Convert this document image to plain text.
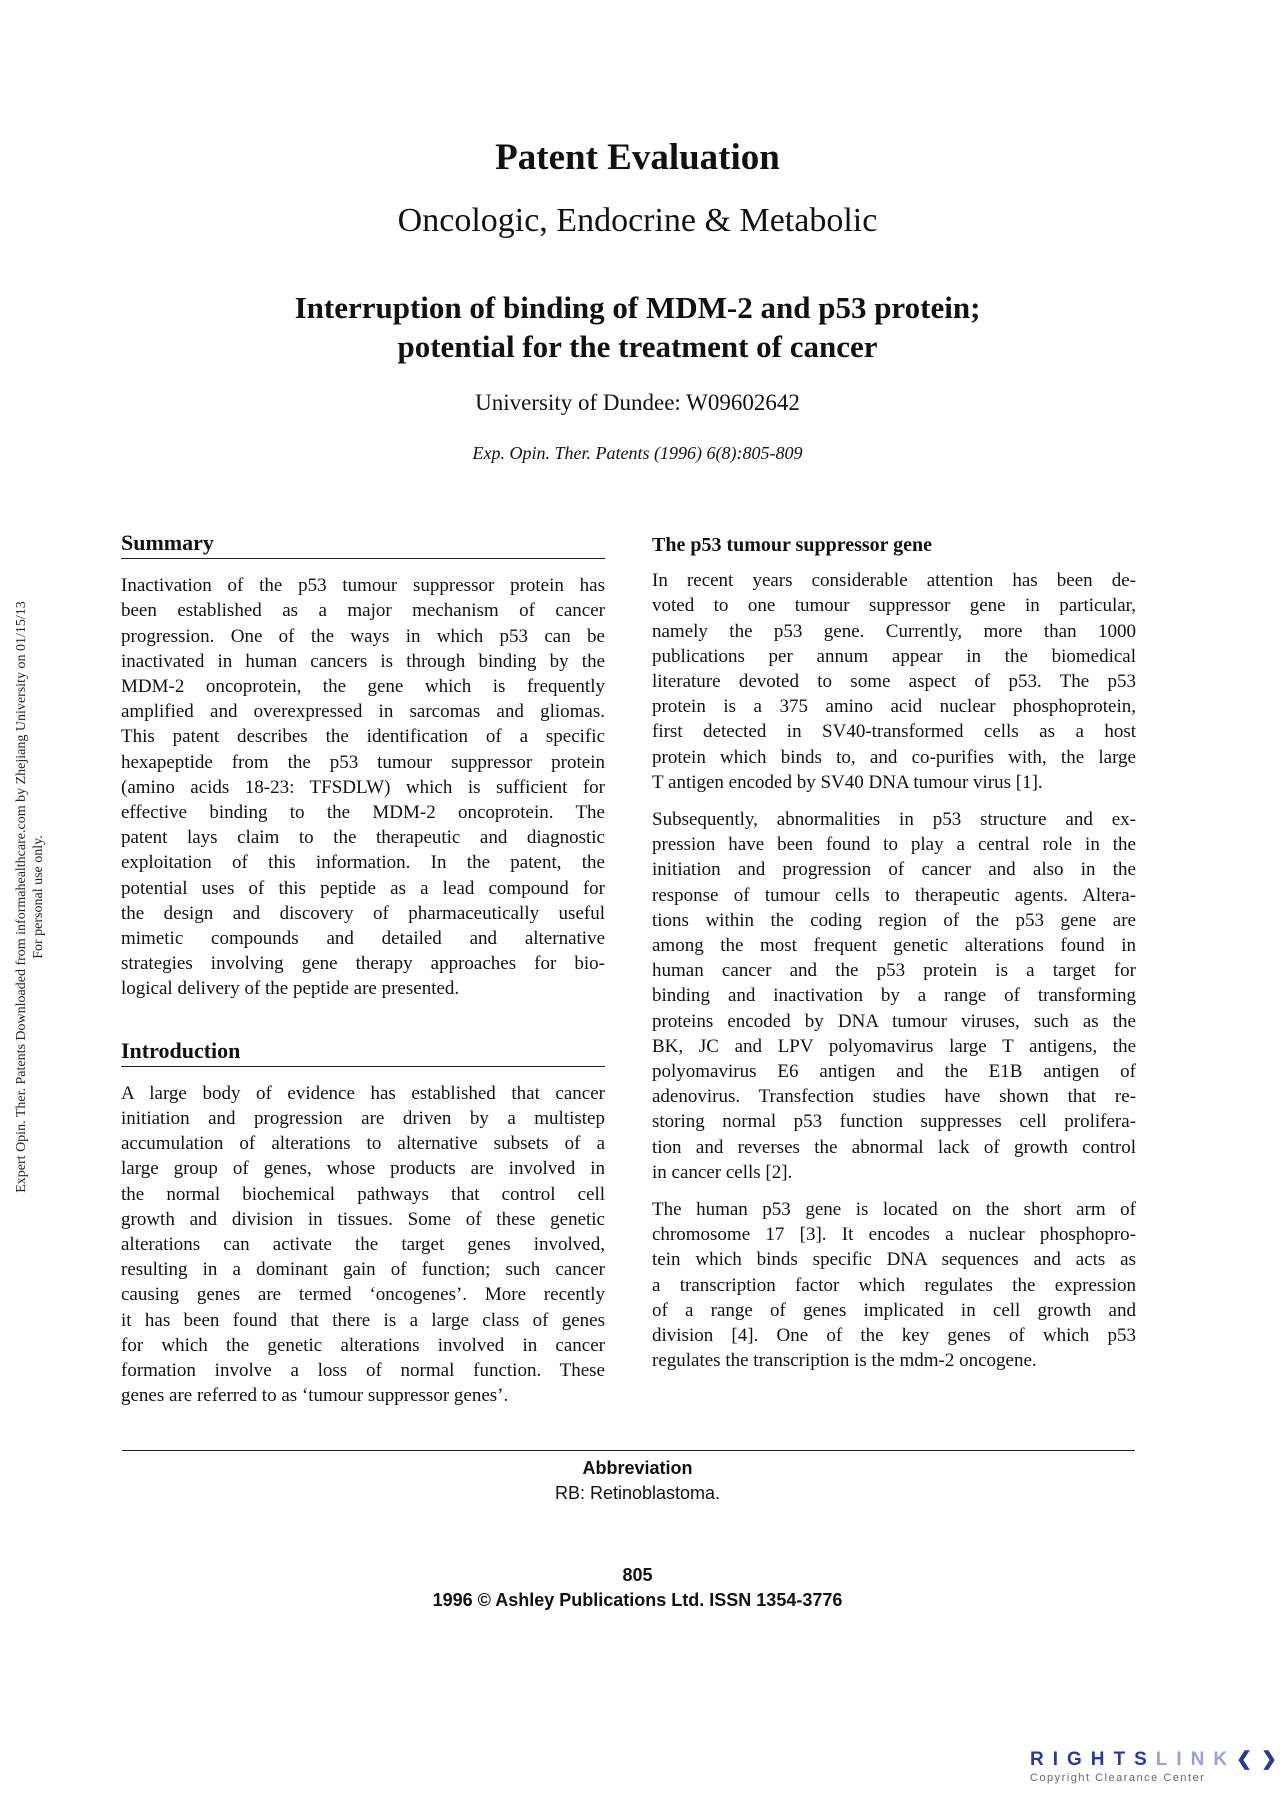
Expert Opin. Ther. Patents Downloaded from informahealthcare.com by Zhejiang University on 01/15/13 For personal use only.
Patent Evaluation
Oncologic, Endocrine & Metabolic
Interruption of binding of MDM-2 and p53 protein;
potential for the treatment of cancer
University of Dundee: W09602642
Exp. Opin. Ther. Patents (1996) 6(8):805-809
Summary
Inactivation of the p53 tumour suppressor protein has
been established as a major mechanism of cancer
progression. One of the ways in which p53 can be
inactivated in human cancers is through binding by the
MDM-2 oncoprotein, the gene which is frequently
amplified and overexpressed in sarcomas and gliomas.
This patent describes the identification of a specific
hexapeptide from the p53 tumour suppressor protein
(amino acids 18-23: TFSDLW) which is sufficient for
effective binding to the MDM-2 oncoprotein. The
patent lays claim to the therapeutic and diagnostic
exploitation of this information. In the patent, the
potential uses of this peptide as a lead compound for
the design and discovery of pharmaceutically useful
mimetic compounds and detailed and alternative
strategies involving gene therapy approaches for bio-
logical delivery of the peptide are presented.
Introduction
A large body of evidence has established that cancer
initiation and progression are driven by a multistep
accumulation of alterations to alternative subsets of a
large group of genes, whose products are involved in
the normal biochemical pathways that control cell
growth and division in tissues. Some of these genetic
alterations can activate the target genes involved,
resulting in a dominant gain of function; such cancer
causing genes are termed ‘oncogenes’. More recently
it has been found that there is a large class of genes
for which the genetic alterations involved in cancer
formation involve a loss of normal function. These
genes are referred to as ‘tumour suppressor genes’.
The p53 tumour suppressor gene
In recent years considerable attention has been de-
voted to one tumour suppressor gene in particular,
namely the p53 gene. Currently, more than 1000
publications per annum appear in the biomedical
literature devoted to some aspect of p53. The p53
protein is a 375 amino acid nuclear phosphoprotein,
first detected in SV40-transformed cells as a host
protein which binds to, and co-purifies with, the large
T antigen encoded by SV40 DNA tumour virus [1].
Subsequently, abnormalities in p53 structure and ex-
pression have been found to play a central role in the
initiation and progression of cancer and also in the
response of tumour cells to therapeutic agents. Altera-
tions within the coding region of the p53 gene are
among the most frequent genetic alterations found in
human cancer and the p53 protein is a target for
binding and inactivation by a range of transforming
proteins encoded by DNA tumour viruses, such as the
BK, JC and LPV polyomavirus large T antigens, the
polyomavirus E6 antigen and the E1B antigen of
adenovirus. Transfection studies have shown that re-
storing normal p53 function suppresses cell prolifera-
tion and reverses the abnormal lack of growth control
in cancer cells [2].
The human p53 gene is located on the short arm of
chromosome 17 [3]. It encodes a nuclear phosphopro-
tein which binds specific DNA sequences and acts as
a transcription factor which regulates the expression
of a range of genes implicated in cell growth and
division [4]. One of the key genes of which p53
regulates the transcription is the mdm-2 oncogene.
Abbreviation
RB: Retinoblastoma.
805
1996 © Ashley Publications Ltd. ISSN 1354-3776
RIGHTSLINK❮❯
Copyright Clearance Center
